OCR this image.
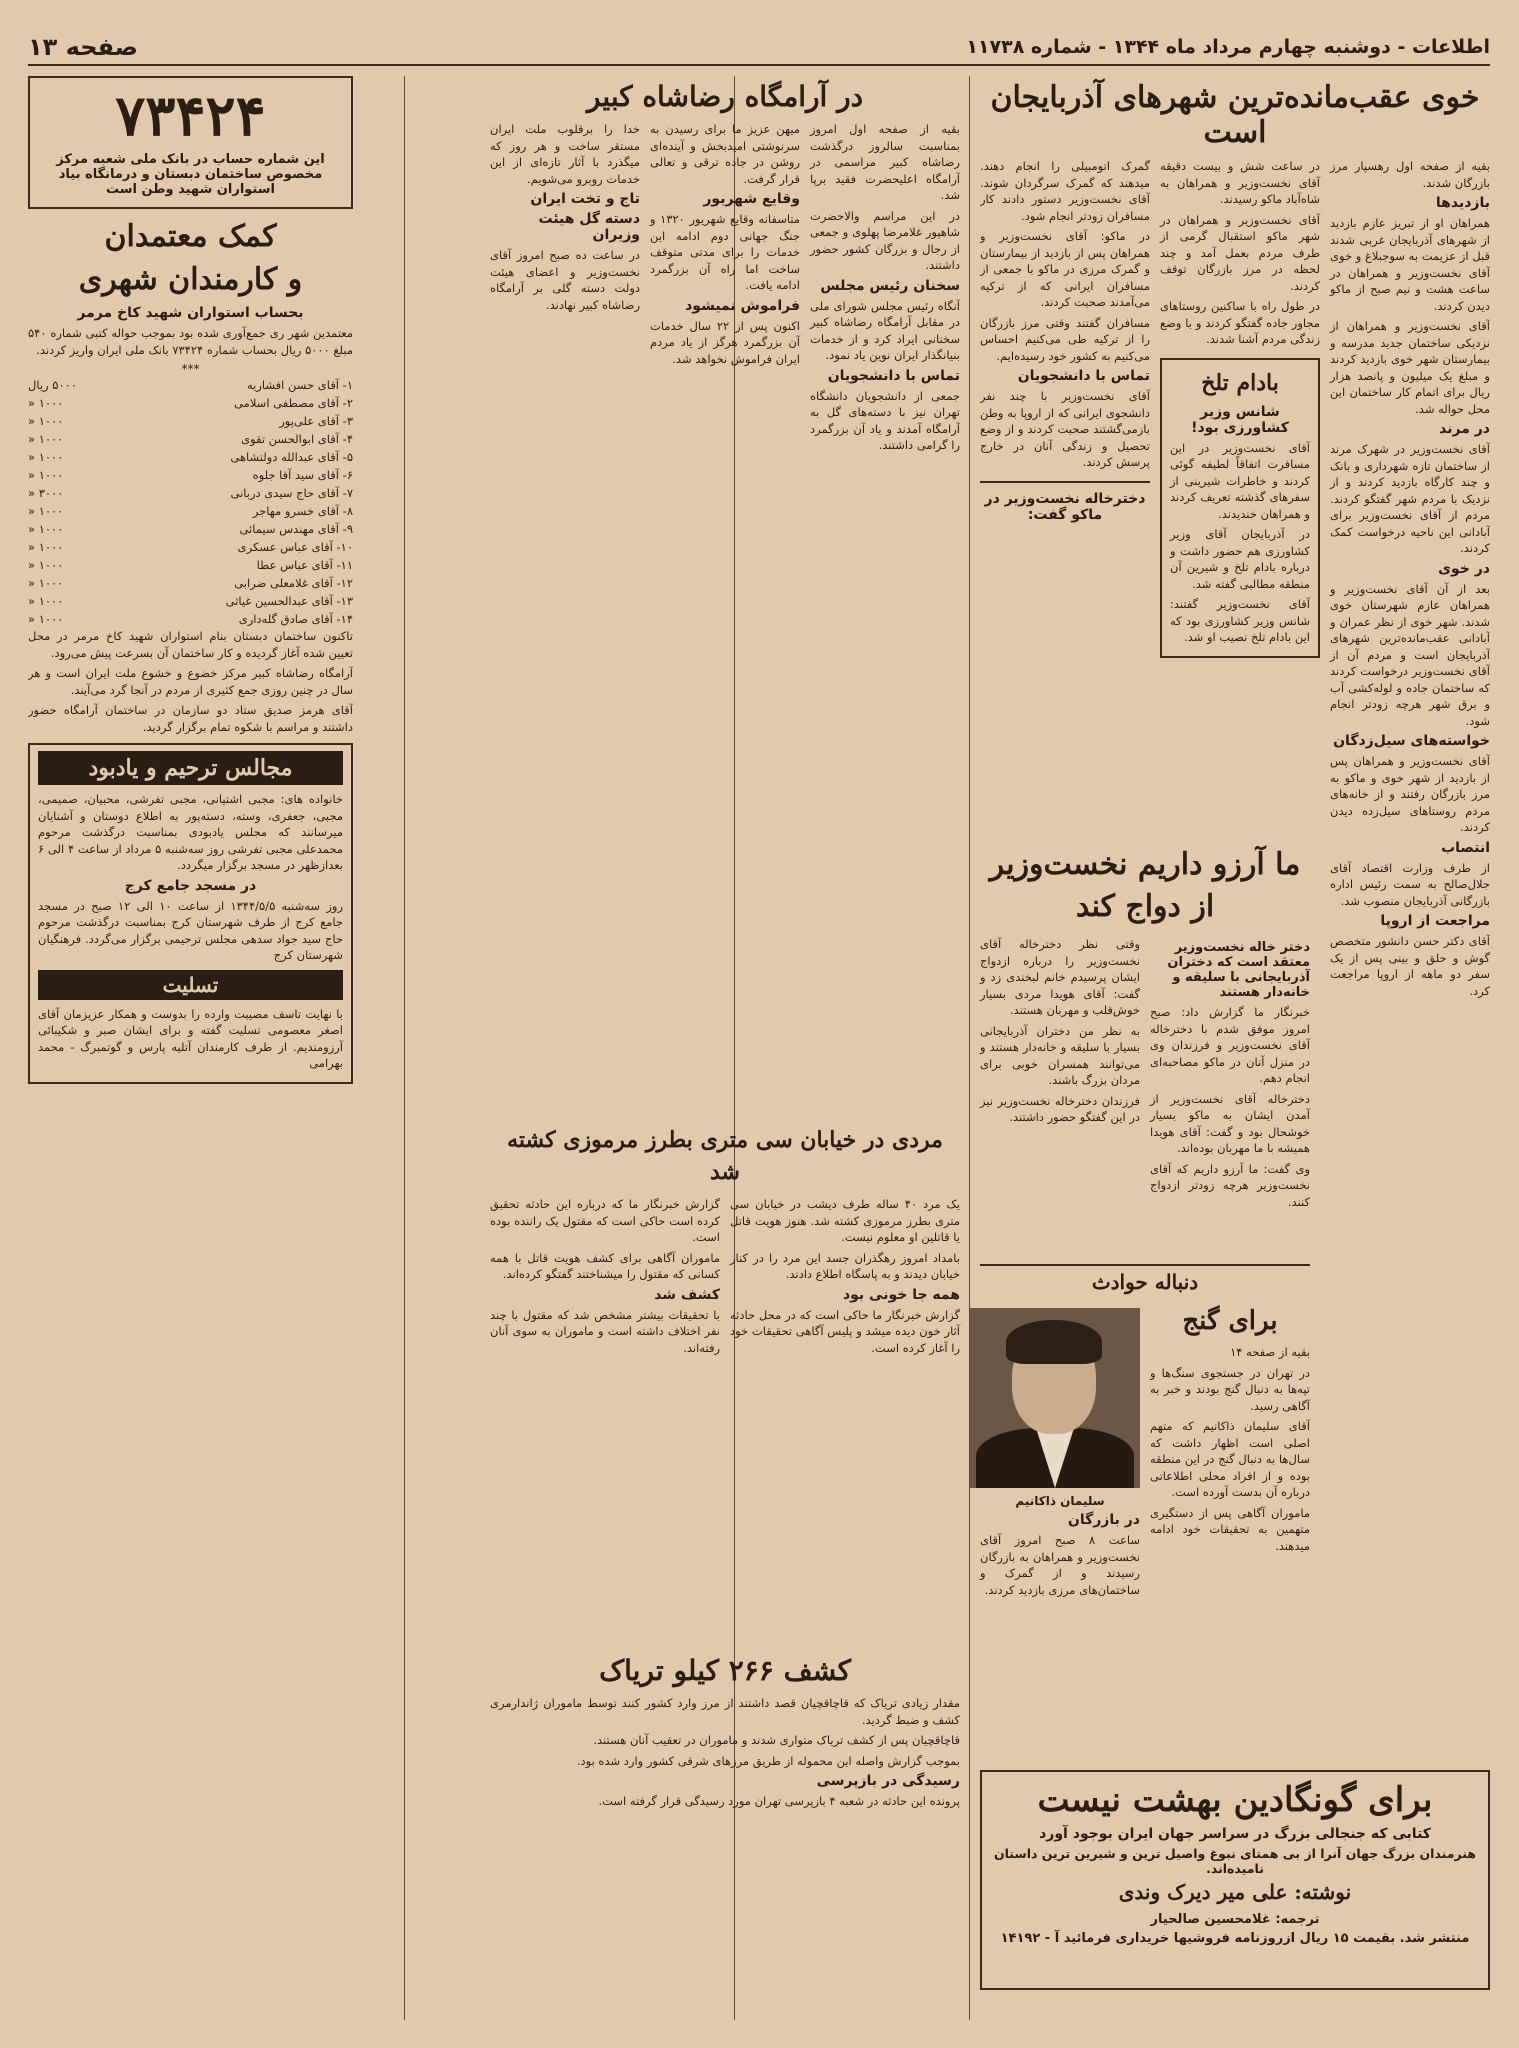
اطلاعات - دوشنبه چهارم مرداد ماه ۱۳۴۴ - شماره ۱۱۷۳۸
صفحه ۱۳
خوی عقب‌مانده‌ترین شهرهای آذربایجان است

بقیه از صفحه اول رهسپار مرز بازرگان شدند.

بازدیدها

همراهان او از تبریز عازم بازدید از شهرهای آذربایجان غربی شدند قبل از عزیمت به سوجبلاغ و خوی آقای نخست‌وزیر و همراهان در ساعت هشت و نیم صبح از ماکو دیدن کردند.

آقای نخست‌وزیر و همراهان از نزدیکی ساختمان جدید مدرسه و بیمارستان شهر خوی بازدید کردند و مبلغ یک میلیون و پانصد هزار ریال برای اتمام کار ساختمان این محل حواله شد.

در مرند

آقای نخست‌وزیر در شهرک مرند از ساختمان تازه شهرداری و بانک و چند کارگاه بازدید کردند و از نزدیک با مردم شهر گفتگو کردند. مردم از آقای نخست‌وزیر برای آبادانی این ناحیه درخواست کمک کردند.

در خوی

بعد از آن آقای نخست‌وزیر و همراهان عازم شهرستان خوی شدند. شهر خوی از نظر عمران و آبادانی عقب‌مانده‌ترین شهرهای آذربایجان است و مردم آن از آقای نخست‌وزیر درخواست کردند که ساختمان جاده و لوله‌کشی آب و برق شهر هرچه زودتر انجام شود.

خواسته‌های سیل‌زدگان

آقای نخست‌وزیر و همراهان پس از بازدید از شهر خوی و ماکو به مرز بازرگان رفتند و از خانه‌های مردم روستاهای سیل‌زده دیدن کردند.

انتصاب

از طرف وزارت اقتصاد آقای جلال‌صالح به سمت رئیس اداره بازرگانی آذربایجان منصوب شد.

مراجعت از اروپا

آقای دکتر حسن دانشور متخصص گوش و حلق و بینی پس از یک سفر دو ماهه از اروپا مراجعت کرد.

در ساعت شش و بیست دقیقه آقای نخست‌وزیر و همراهان به شاه‌آباد ماکو رسیدند.

آقای نخست‌وزیر و همراهان در شهر ماکو استقبال گرمی از طرف مردم بعمل آمد و چند لحظه در مرز بازرگان توقف کردند.

در طول راه با ساکنین روستاهای مجاور جاده گفتگو کردند و با وضع زندگی مردم آشنا شدند.

بادام تلخ
شانس وزیر کشاورزی بود!

آقای نخست‌وزیر در این مسافرت اتفاقاً لطیفه گوئی کردند و خاطرات شیرینی از سفرهای گذشته تعریف کردند و همراهان خندیدند.

در آذربایجان آقای وزیر کشاورزی هم حضور داشت و درباره بادام تلخ و شیرین آن منطقه مطالبی گفته شد.

آقای نخست‌وزیر گفتند: شانس وزیر کشاورزی بود که این بادام تلخ نصیب او شد.

گمرک اتومبیلی را انجام دهند. میدهند که گمرک سرگردان شوند. آقای نخست‌وزیر دستور دادند کار مسافران زودتر انجام شود.

در ماکو: آقای نخست‌وزیر و همراهان پس از بازدید از بیمارستان و گمرک مرزی در ماکو با جمعی از مسافران ایرانی که از ترکیه می‌آمدند صحبت کردند.

مسافران گفتند وقتی مرز بازرگان را از ترکیه طی می‌کنیم احساس می‌کنیم به کشور خود رسیده‌ایم.

تماس با دانشجویان

آقای نخست‌وزیر با چند نفر دانشجوی ایرانی که از اروپا به وطن بازمی‌گشتند صحبت کردند و از وضع تحصیل و زندگی آنان در خارج پرسش کردند.

دخترخاله نخست‌وزیر در ماکو گفت:
ما آرزو داریم نخست‌وزیر از دواج کند
دختر خاله نخست‌وزیر معتقد است که دختران آذربایجانی با سلیقه و خانه‌دار هستند

خبرنگار ما گزارش داد: صبح امروز موفق شدم با دخترخاله آقای نخست‌وزیر و فرزندان وی در منزل آنان در ماکو مصاحبه‌ای انجام دهم.

دخترخاله آقای نخست‌وزیر از آمدن ایشان به ماکو بسیار خوشحال بود و گفت: آقای هویدا همیشه با ما مهربان بوده‌اند.

وی گفت: ما آرزو داریم که آقای نخست‌وزیر هرچه زودتر ازدواج کنند.

وقتی نظر دخترخاله آقای نخست‌وزیر را درباره ازدواج ایشان پرسیدم خانم لبخندی زد و گفت: آقای هویدا مردی بسیار خوش‌قلب و مهربان هستند.

به نظر من دختران آذربایجانی بسیار با سلیقه و خانه‌دار هستند و می‌توانند همسران خوبی برای مردان بزرگ باشند.

فرزندان دخترخاله نخست‌وزیر نیز در این گفتگو حضور داشتند.

دنباله حوادث
برای گنج

بقیه از صفحه ۱۴

در تهران در جستجوی سنگ‌ها و تپه‌ها به دنبال گنج بودند و خبر به آگاهی رسید.

آقای سلیمان ذاکانیم که متهم اصلی است اظهار داشت که سال‌ها به دنبال گنج در این منطقه بوده و از افراد محلی اطلاعاتی درباره آن بدست آورده است.

ماموران آگاهی پس از دستگیری متهمین به تحقیقات خود ادامه میدهند.

سلیمان ذاکانیم
در بازرگان

ساعت ۸ صبح امروز آقای نخست‌وزیر و همراهان به بازرگان رسیدند و از گمرک و ساختمان‌های مرزی بازدید کردند.

کشف ۲۶۶ کیلو تریاک

مقدار زیادی تریاک که قاچاقچیان قصد داشتند از مرز وارد کشور کنند توسط ماموران ژاندارمری کشف و ضبط گردید.

قاچاقچیان پس از کشف تریاک متواری شدند و ماموران در تعقیب آنان هستند.

بموجب گزارش واصله این محموله از طریق مرزهای شرقی کشور وارد شده بود.

رسیدگی در بازپرسی

پرونده این حادثه در شعبه ۴ بازپرسی تهران مورد رسیدگی قرار گرفته است.	برای گونگادین بهشت نیست
کتابی که جنجالی بزرگ در سراسر جهان ایران بوجود آورد
هنرمندان بزرگ جهان آنرا از بی همتای نبوغ واصیل ترین و شیرین ترین داستان نامیده‌اند.
نوشته: علی میر دیرک وندی
ترجمه: غلامحسین صالحیار
منتشر شد. بقیمت ۱۵ ریال ازروزنامه فروشیها خریداری فرمائید آ - ۱۴۱۹۲
مردی در خیابان سی متری بطرز مرموزی کشته شد

یک مرد ۴۰ ساله طرف دیشب در خیابان سی متری بطرز مرموزی کشته شد. هنوز هویت قاتل یا قاتلین او معلوم نیست.

بامداد امروز رهگذران جسد این مرد را در کنار خیابان دیدند و به پاسگاه اطلاع دادند.

همه جا خونی بود

گزارش خبرنگار ما حاکی است که در محل حادثه آثار خون دیده میشد و پلیس آگاهی تحقیقات خود را آغاز کرده است.

گزارش خبرنگار ما که درباره این حادثه تحقیق کرده است حاکی است که مقتول یک راننده بوده است.

ماموران آگاهی برای کشف هویت قاتل با همه کسانی که مقتول را میشناختند گفتگو کرده‌اند.

کشف شد

با تحقیقات بیشتر مشخص شد که مقتول با چند نفر اختلاف داشته است و ماموران به سوی آنان رفته‌اند.

در آرامگاه رضاشاه کبیر

بقیه از صفحه اول امروز بمناسبت سالروز درگذشت رضاشاه کبیر مراسمی در آرامگاه اعلیحضرت فقید برپا شد.

در این مراسم والاحضرت شاهپور غلامرضا پهلوی و جمعی از رجال و بزرگان کشور حضور داشتند.

سخنان رئیس مجلس

آنگاه رئیس مجلس شورای ملی در مقابل آرامگاه رضاشاه کبیر سخنانی ایراد کرد و از خدمات بنیانگذار ایران نوین یاد نمود.

تماس با دانشجویان

جمعی از دانشجویان دانشگاه تهران نیز با دسته‌های گل به آرامگاه آمدند و یاد آن بزرگمرد را گرامی داشتند.

میهن عزیز ما برای رسیدن به سرنوشتی امیدبخش و آینده‌ای روشن در جاده ترقی و تعالی قرار گرفت.

وقایع شهریور

متاسفانه وقایع شهریور ۱۳۲۰ و جنگ جهانی دوم ادامه این خدمات را برای مدتی متوقف ساخت اما راه آن بزرگمرد ادامه یافت.

فراموش نمیشود

اکنون پس از ۲۲ سال خدمات آن بزرگمرد هرگز از یاد مردم ایران فراموش نخواهد شد.

خدا را برقلوب ملت ایران مستقر ساخت و هر روز که میگذرد با آثار تازه‌ای از این خدمات روبرو می‌شویم.

تاج و تخت ایران
دسته گل هیئت وزیران

در ساعت ده صبح امروز آقای نخست‌وزیر و اعضای هیئت دولت دسته گلی بر آرامگاه رضاشاه کبیر نهادند.

۷۳۴۲۴
این شماره حساب در بانک ملی شعبه مرکز مخصوص ساختمان دبستان و درمانگاه بیاد استواران شهید وطن است
کمک معتمدان
و کارمندان شهری
بحساب استواران شهید کاخ مرمر

معتمدین شهر ری جمع‌آوری شده بود بموجب حواله کتبی شماره ۵۴۰ مبلغ ۵۰۰۰ ریال بحساب شماره ۷۳۴۲۴ بانک ملی ایران واریز کردند.

***
۱- آقای حسن افشاریه
۵۰۰۰ ریال
۲- آقای مصطفی اسلامی
۱۰۰۰ «
۳- آقای علی‌پور
۱۰۰۰ «
۴- آقای ابوالحسن تقوی
۱۰۰۰ «
۵- آقای عبدالله دولتشاهی
۱۰۰۰ «
۶- آقای سید آقا جلوه
۱۰۰۰ «
۷- آقای حاج سیدی دربانی
۳۰۰۰ «
۸- آقای خسرو مهاجر
۱۰۰۰ «
۹- آقای مهندس سیمائی
۱۰۰۰ «
۱۰- آقای عباس عسکری
۱۰۰۰ «
۱۱- آقای عباس عطا
۱۰۰۰ «
۱۲- آقای غلامعلی ضرابی
۱۰۰۰ «
۱۳- آقای عبدالحسین غیاثی
۱۰۰۰ «
۱۴- آقای صادق گله‌داری
۱۰۰۰ «

تاکنون ساختمان دبستان بنام استواران شهید کاخ مرمر در محل تعیین شده آغاز گردیده و کار ساختمان آن بسرعت پیش می‌رود.

آرامگاه رضاشاه کبیر مرکز خضوع و خشوع ملت ایران است و هر سال در چنین روزی جمع کثیری از مردم در آنجا گرد می‌آیند.

آقای هرمز صدیق ستاد دو سازمان در ساختمان آرامگاه حضور داشتند و مراسم با شکوه تمام برگزار گردید.

مجالس ترحیم و یادبود

خانواده های: مجبی اشتیانی، مجبی تفرشی، محبیان، صمیمی، مجبی، جعفری، وسته، دسته‌پور به اطلاع دوستان و آشنایان میرسانند که مجلس یادبودی بمناسبت درگذشت مرحوم محمدعلی مجبی تفرشی روز سه‌شنبه ۵ مرداد از ساعت ۴ الی ۶ بعدازظهر در مسجد برگزار میگردد.

در مسجد جامع کرج

روز سه‌شنبه ۱۳۴۴/۵/۵ از ساعت ۱۰ الی ۱۲ صبح در مسجد جامع کرج از طرف شهرستان کرج بمناسبت درگذشت مرحوم حاج سید جواد سدهی مجلس ترحیمی برگزار می‌گردد. فرهنگیان شهرستان کرج

تسلیت

با نهایت تاسف مصیبت وارده را بدوست و همکار عزیزمان آقای اصغر معصومی تسلیت گفته و برای ایشان صبر و شکیبائی آرزومندیم. از طرف کارمندان آتلیه پارس و گوتمبرگ - محمد بهرامی
